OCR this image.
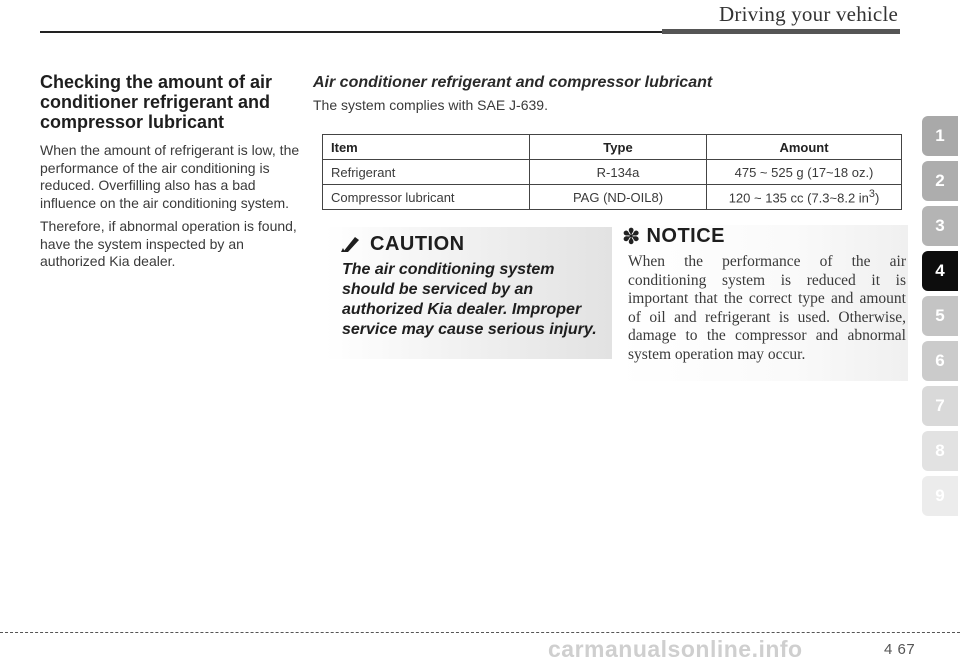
Driving your vehicle
Checking the amount of air conditioner refrigerant and compressor lubricant

When the amount of refrigerant is low, the performance of the air conditioning is reduced. Overfilling also has a bad influence on the air conditioning system.

Therefore, if abnormal operation is found, have the system inspected by an authorized Kia dealer.

Air conditioner refrigerant and compressor lubricant

The system complies with SAE J-639.

Item	Type	Amount
Refrigerant	R-134a	475 ~ 525 g (17~18 oz.)
Compressor lubricant	PAG (ND-OIL8)	120 ~ 135 cc (7.3~8.2 $in^3$)
CAUTION

The air conditioning system should be serviced by an authorized Kia dealer. Improper service may cause serious injury.

✽ NOTICE

When the performance of the air conditioning system is reduced it is important that the correct type and amount of oil and refrigerant is used. Otherwise, damage to the compressor and abnormal system operation may occur.

1
2
3
4
5
6
7
8
9
carmanualsonline.info	4 67
